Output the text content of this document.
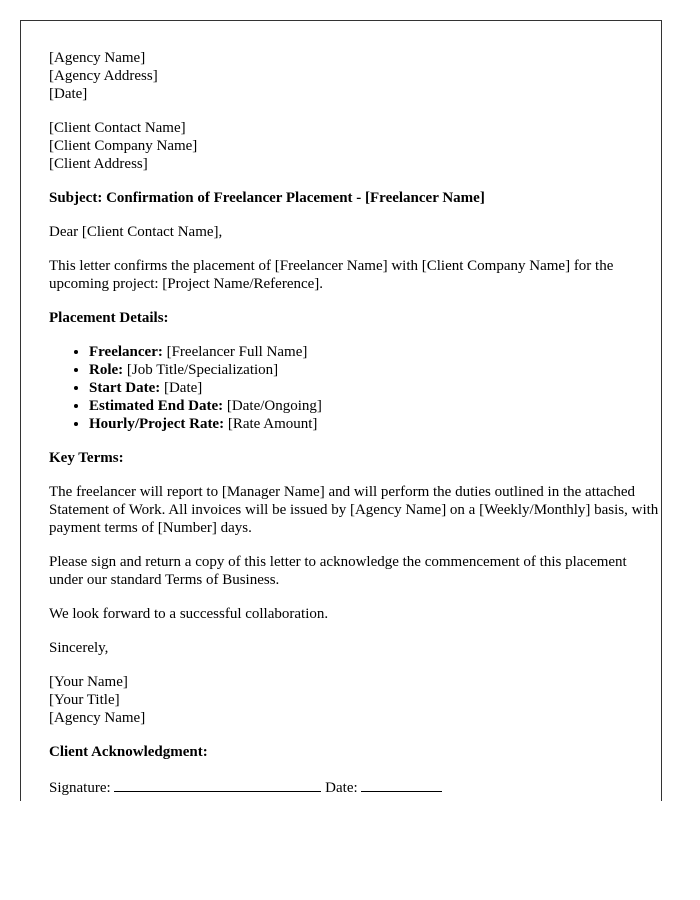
[Agency Name]
[Agency Address]
[Date]

[Client Contact Name]
[Client Company Name]
[Client Address]

Subject: Confirmation of Freelancer Placement - [Freelancer Name]

Dear [Client Contact Name],

This letter confirms the placement of [Freelancer Name] with [Client Company Name] for the upcoming project: [Project Name/Reference].

Placement Details:

• Freelancer: [Freelancer Full Name]
• Role: [Job Title/Specialization]
• Start Date: [Date]
• Estimated End Date: [Date/Ongoing]
• Hourly/Project Rate: [Rate Amount]

Key Terms:

The freelancer will report to [Manager Name] and will perform the duties outlined in the attached Statement of Work. All invoices will be issued by [Agency Name] on a [Weekly/Monthly] basis, with payment terms of [Number] days.

Please sign and return a copy of this letter to acknowledge the commencement of this placement under our standard Terms of Business.

We look forward to a successful collaboration.

Sincerely,

[Your Name]
[Your Title]
[Agency Name]

Client Acknowledgment:

Signature:	Date:
